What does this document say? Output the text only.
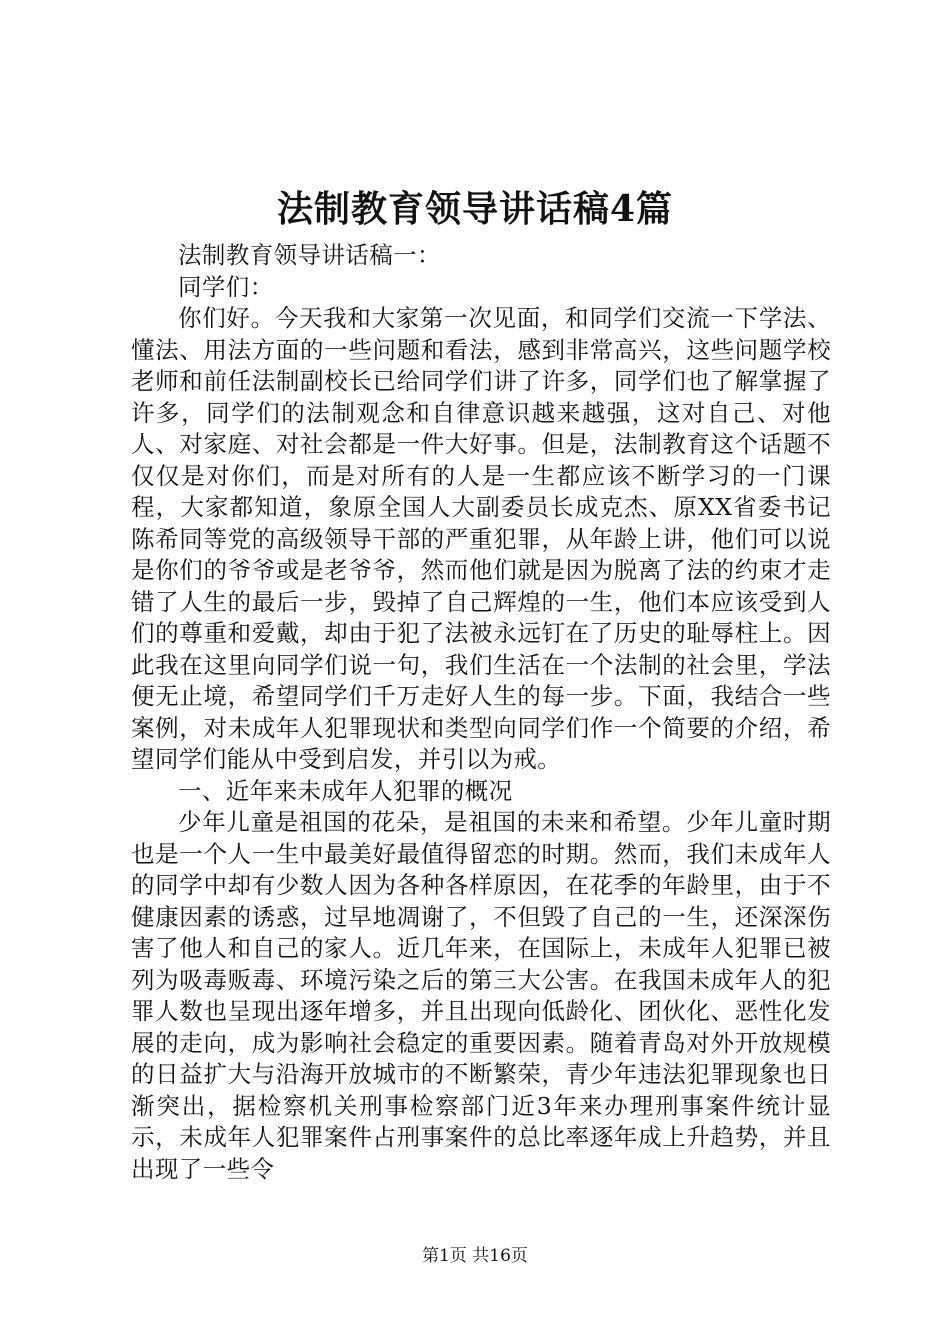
法制教育领导讲话稿4篇

法制教育领导讲话稿一：

同学们：

你们好。今天我和大家第一次见面，和同学们交流一下学法、懂法、用法方面的一些问题和看法，感到非常高兴，这些问题学校老师和前任法制副校长已给同学们讲了许多，同学们也了解掌握了许多，同学们的法制观念和自律意识越来越强，这对自己、对他人、对家庭、对社会都是一件大好事。但是，法制教育这个话题不仅仅是对你们，而是对所有的人是一生都应该不断学习的一门课程，大家都知道，象原全国人大副委员长成克杰、原XX省委书记陈希同等党的高级领导干部的严重犯罪，从年龄上讲，他们可以说是你们的爷爷或是老爷爷，然而他们就是因为脱离了法的约束才走错了人生的最后一步，毁掉了自己辉煌的一生，他们本应该受到人们的尊重和爱戴，却由于犯了法被永远钉在了历史的耻辱柱上。因此我在这里向同学们说一句，我们生活在一个法制的社会里，学法便无止境，希望同学们千万走好人生的每一步。下面，我结合一些案例，对未成年人犯罪现状和类型向同学们作一个简要的介绍，希望同学们能从中受到启发，并引以为戒。

一、近年来未成年人犯罪的概况

少年儿童是祖国的花朵，是祖国的未来和希望。少年儿童时期也是一个人一生中最美好最值得留恋的时期。然而，我们未成年人的同学中却有少数人因为各种各样原因，在花季的年龄里，由于不健康因素的诱惑，过早地凋谢了，不但毁了自己的一生，还深深伤害了他人和自己的家人。近几年来，在国际上，未成年人犯罪已被列为吸毒贩毒、环境污染之后的第三大公害。在我国未成年人的犯罪人数也呈现出逐年增多，并且出现向低龄化、团伙化、恶性化发展的走向，成为影响社会稳定的重要因素。随着青岛对外开放规模的日益扩大与沿海开放城市的不断繁荣，青少年违法犯罪现象也日渐突出，据检察机关刑事检察部门近3年来办理刑事案件统计显示，未成年人犯罪案件占刑事案件的总比率逐年成上升趋势，并且出现了一些令

第1页 共16页
